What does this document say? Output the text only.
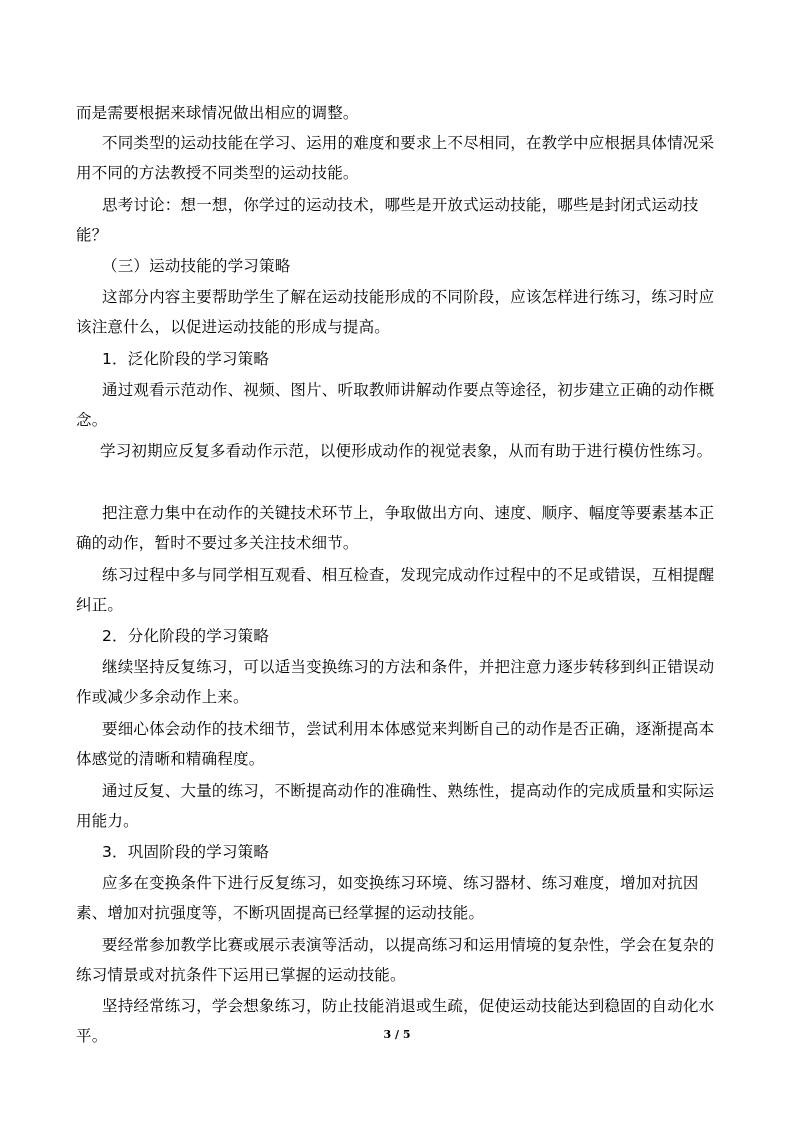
而是需要根据来球情况做出相应的调整。

不同类型的运动技能在学习、运用的难度和要求上不尽相同，在教学中应根据具体情况采用不同的方法教授不同类型的运动技能。

思考讨论：想一想，你学过的运动技术，哪些是开放式运动技能，哪些是封闭式运动技能？

（三）运动技能的学习策略

这部分内容主要帮助学生了解在运动技能形成的不同阶段，应该怎样进行练习，练习时应该注意什么，以促进运动技能的形成与提高。

1．泛化阶段的学习策略

通过观看示范动作、视频、图片、听取教师讲解动作要点等途径，初步建立正确的动作概念。

学习初期应反复多看动作示范，以便形成动作的视觉表象，从而有助于进行模仿性练习。

把注意力集中在动作的关键技术环节上，争取做出方向、速度、顺序、幅度等要素基本正确的动作，暂时不要过多关注技术细节。

练习过程中多与同学相互观看、相互检查，发现完成动作过程中的不足或错误，互相提醒纠正。

2．分化阶段的学习策略

继续坚持反复练习，可以适当变换练习的方法和条件，并把注意力逐步转移到纠正错误动作或减少多余动作上来。

要细心体会动作的技术细节，尝试利用本体感觉来判断自己的动作是否正确，逐渐提高本体感觉的清晰和精确程度。

通过反复、大量的练习，不断提高动作的准确性、熟练性，提高动作的完成质量和实际运用能力。

3．巩固阶段的学习策略

应多在变换条件下进行反复练习，如变换练习环境、练习器材、练习难度，增加对抗因素、增加对抗强度等，不断巩固提高已经掌握的运动技能。

要经常参加教学比赛或展示表演等活动，以提高练习和运用情境的复杂性，学会在复杂的练习情景或对抗条件下运用已掌握的运动技能。

坚持经常练习，学会想象练习，防止技能消退或生疏，促使运动技能达到稳固的自动化水平。	3 / 5
